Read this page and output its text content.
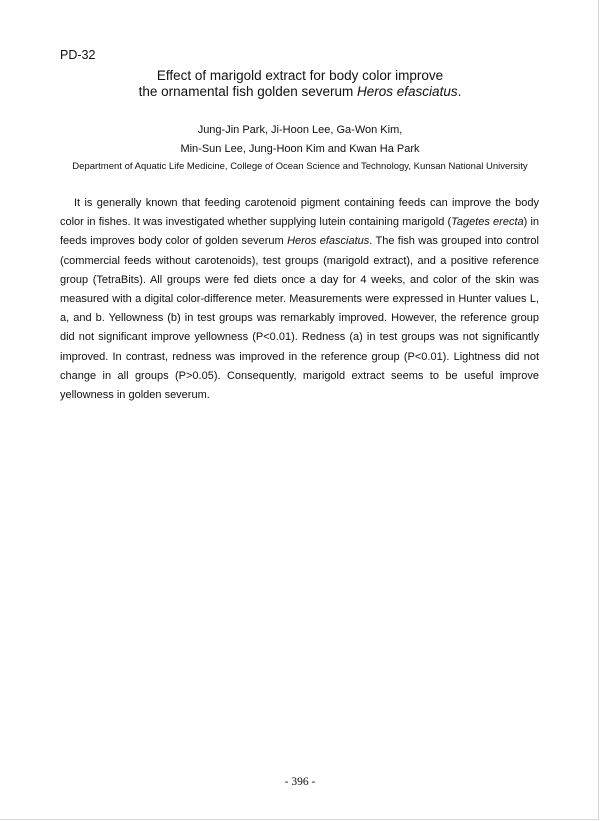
PD-32
Effect of marigold extract for body color improve
the ornamental fish golden severum Heros efasciatus.
Jung-Jin Park, Ji-Hoon Lee, Ga-Won Kim,
Min-Sun Lee, Jung-Hoon Kim and Kwan Ha Park
Department of Aquatic Life Medicine, College of Ocean Science and Technology, Kunsan National University

It is generally known that feeding carotenoid pigment containing feeds can improve the body color in fishes. It was investigated whether supplying lutein containing marigold (Tagetes erecta) in feeds improves body color of golden severum Heros efasciatus. The fish was grouped into control (commercial feeds without carotenoids), test groups (marigold extract), and a positive reference group (TetraBits). All groups were fed diets once a day for 4 weeks, and color of the skin was measured with a digital color-difference meter. Measurements were expressed in Hunter values L, a, and b. Yellowness (b) in test groups was remarkably improved. However, the reference group did not significant improve yellowness (P<0.01). Redness (a) in test groups was not significantly improved. In contrast, redness was improved in the reference group (P<0.01). Lightness did not change in all groups (P>0.05). Consequently, marigold extract seems to be useful improve yellowness in golden severum.

- 396 -
